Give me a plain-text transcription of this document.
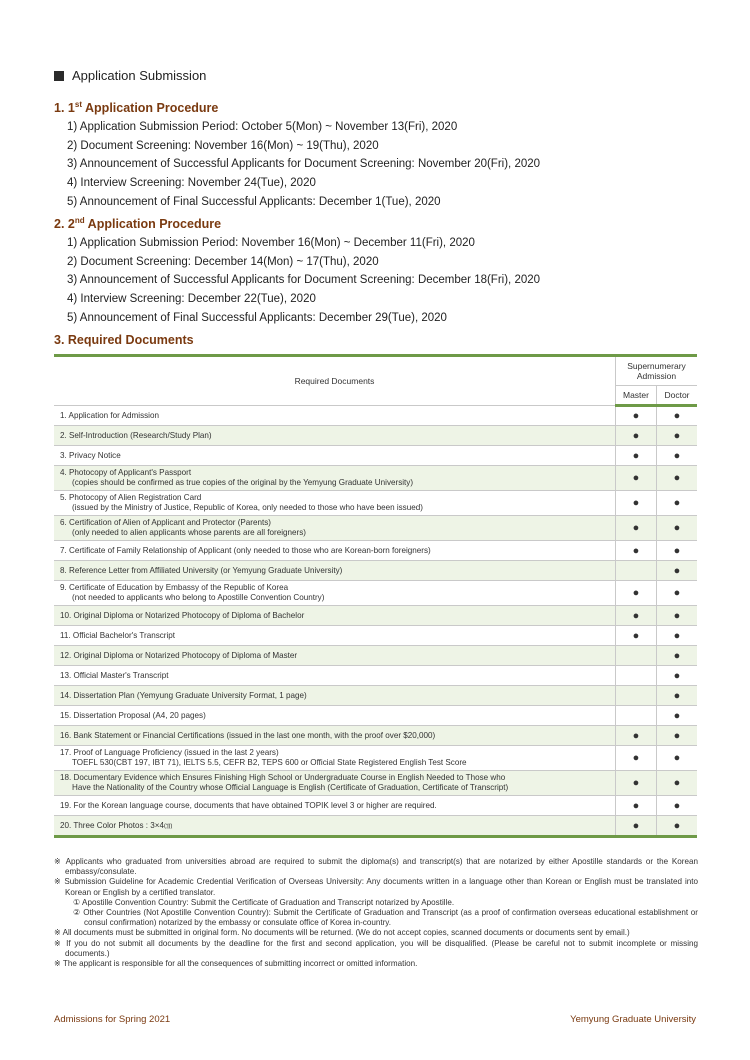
Application Submission
1. 1st Application Procedure
1) Application Submission Period: October 5(Mon) ~ November 13(Fri), 2020
2) Document Screening: November 16(Mon) ~ 19(Thu), 2020
3) Announcement of Successful Applicants for Document Screening: November 20(Fri), 2020
4) Interview Screening: November 24(Tue), 2020
5) Announcement of Final Successful Applicants: December 1(Tue), 2020
2. 2nd Application Procedure
1) Application Submission Period: November 16(Mon) ~ December 11(Fri), 2020
2) Document Screening: December 14(Mon) ~ 17(Thu), 2020
3) Announcement of Successful Applicants for Document Screening: December 18(Fri), 2020
4) Interview Screening: December 22(Tue), 2020
5) Announcement of Final Successful Applicants: December 29(Tue), 2020
3. Required Documents
Required Documents	Supernumerary Admission	
	Master	Doctor
1. Application for Admission	●	●
2. Self-Introduction (Research/Study Plan)	●	●
3. Privacy Notice	●	●
4. Photocopy of Applicant's Passport
(copies should be confirmed as true copies of the original by the Yemyung Graduate University)	●	●
5. Photocopy of Alien Registration Card
(issued by the Ministry of Justice, Republic of Korea, only needed to those who have been issued)	●	●
6. Certification of Alien of Applicant and Protector (Parents)
(only needed to alien applicants whose parents are all foreigners)	●	●
7. Certificate of Family Relationship of Applicant (only needed to those who are Korean-born foreigners)	●	●
8. Reference Letter from Affiliated University (or Yemyung Graduate University)		●
9. Certificate of Education by Embassy of the Republic of Korea
(not needed to applicants who belong to Apostille Convention Country)	●	●
10. Original Diploma or Notarized Photocopy of Diploma of Bachelor	●	●
11. Official Bachelor's Transcript	●	●
12. Original Diploma or Notarized Photocopy of Diploma of Master		●
13. Official Master's Transcript		●
14. Dissertation Plan (Yemyung Graduate University Format, 1 page)		●
15. Dissertation Proposal (A4, 20 pages)		●
16. Bank Statement or Financial Certifications (issued in the last one month, with the proof over $20,000)	●	●
17. Proof of Language Proficiency (issued in the last 2 years)
TOEFL 530(CBT 197, IBT 71), IELTS 5.5, CEFR B2, TEPS 600 or Official State Registered English Test Score	●	●
18. Documentary Evidence which Ensures Finishing High School or Undergraduate Course in English Needed to Those who
Have the Nationality of the Country whose Official Language is English (Certificate of Graduation, Certificate of Transcript)	●	●
19. For the Korean language course, documents that have obtained TOPIK level 3 or higher are required.	●	●
20. Three Color Photos : 3×4㎝	●	●
※ Applicants who graduated from universities abroad are required to submit the diploma(s) and transcript(s) that are notarized by either Apostille standards or the Korean embassy/consulate.
※ Submission Guideline for Academic Credential Verification of Overseas University: Any documents written in a language other than Korean or English must be translated into Korean or English by a certified translator.
① Apostille Convention Country: Submit the Certificate of Graduation and Transcript notarized by Apostille.
② Other Countries (Not Apostille Convention Country): Submit the Certificate of Graduation and Transcript (as a proof of confirmation overseas educational establishment or consul confirmation) notarized by the embassy or consulate office of Korea in-country.
※ All documents must be submitted in original form. No documents will be returned. (We do not accept copies, scanned documents or documents sent by email.)
※ If you do not submit all documents by the deadline for the first and second application, you will be disqualified. (Please be careful not to submit incomplete or missing documents.)
※ The applicant is responsible for all the consequences of submitting incorrect or omitted information.
Admissions for Spring 2021	Yemyung Graduate University
